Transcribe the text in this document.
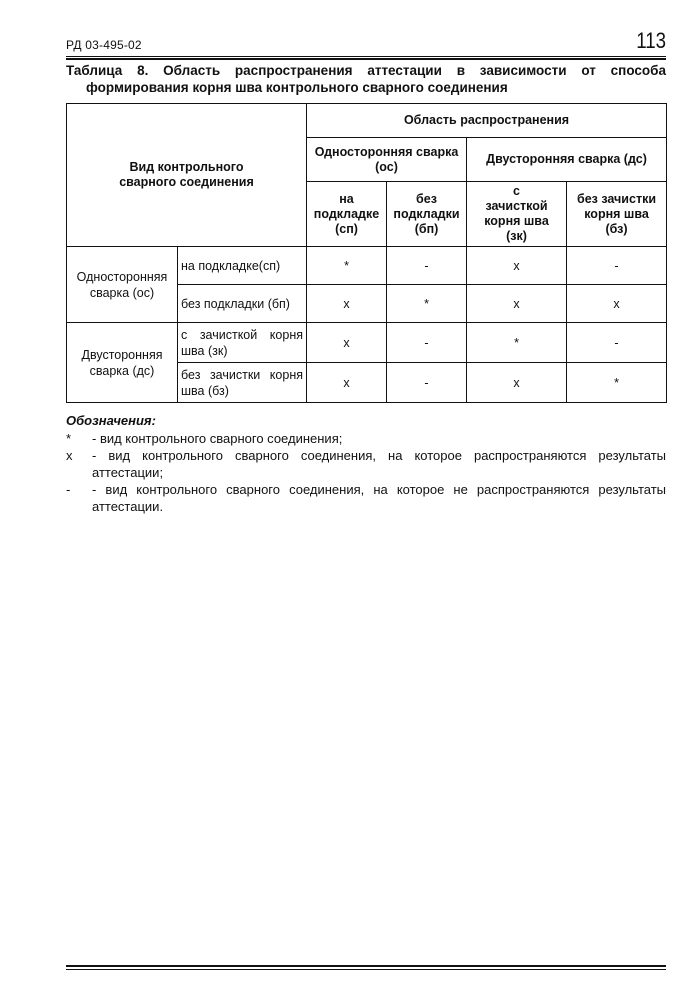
РД 03-495-02	113
Таблица 8. Область распространения аттестации в зависимости от способа
формирования корня шва контрольного сварного соединения
Вид контрольного сварного соединения		Область распространения			
		Односторонняя сварка (ос)		Двусторонняя сварка (дс)	
		на подкладке (сп)	без подкладки (бп)	с зачисткой корня шва (зк)	без зачистки корня шва (бз)
Односторонняя сварка (ос)	на подкладке(сп)	*	-	x	-
	без подкладки (бп)	x	*	x	x
Двусторонняя сварка (дс)	с зачисткой корня шва (зк)	x	-	*	-
	без зачистки корня шва (бз)	x	-	x	*
Обозначения:
*	- вид контрольного сварного соединения;
x	- вид контрольного сварного соединения, на которое распространяются результаты аттестации;
-	- вид контрольного сварного соединения, на которое не распространяются результаты аттестации.
